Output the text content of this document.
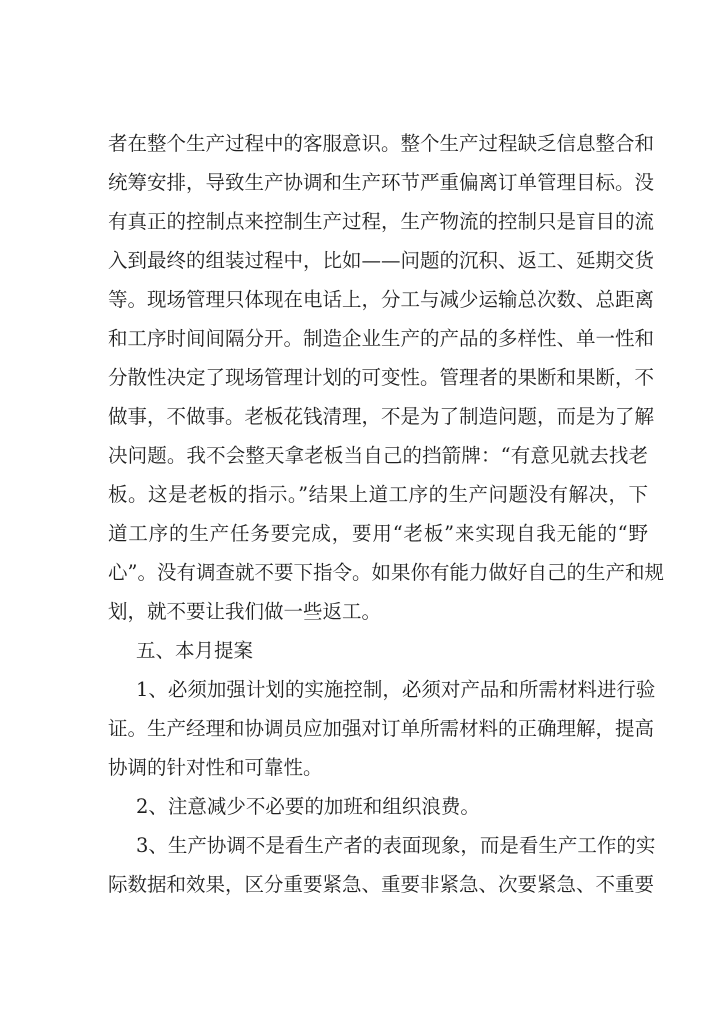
者在整个生产过程中的客服意识。整个生产过程缺乏信息整合和
统筹安排，导致生产协调和生产环节严重偏离订单管理目标。没
有真正的控制点来控制生产过程，生产物流的控制只是盲目的流
入到最终的组装过程中，比如——问题的沉积、返工、延期交货
等。现场管理只体现在电话上，分工与减少运输总次数、总距离
和工序时间间隔分开。制造企业生产的产品的多样性、单一性和
分散性决定了现场管理计划的可变性。管理者的果断和果断，不
做事，不做事。老板花钱清理，不是为了制造问题，而是为了解
决问题。我不会整天拿老板当自己的挡箭牌：“有意见就去找老
板。这是老板的指示。”结果上道工序的生产问题没有解决，下
道工序的生产任务要完成，要用“老板”来实现自我无能的“野
心”。没有调查就不要下指令。如果你有能力做好自己的生产和规
划，就不要让我们做一些返工。
五、本月提案
1、必须加强计划的实施控制，必须对产品和所需材料进行验
证。生产经理和协调员应加强对订单所需材料的正确理解，提高
协调的针对性和可靠性。
2、注意减少不必要的加班和组织浪费。
3、生产协调不是看生产者的表面现象，而是看生产工作的实
际数据和效果，区分重要紧急、重要非紧急、次要紧急、不重要
